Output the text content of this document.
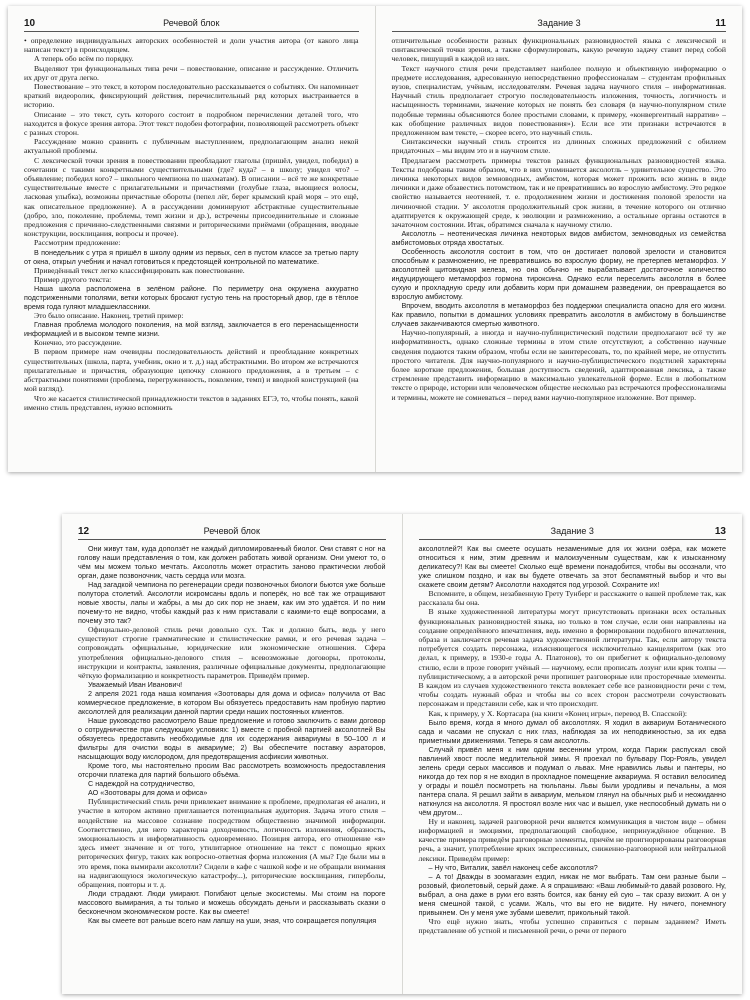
10	Речевой блок

• определение индивидуальных авторских особенностей и доли участия автора (от какого лица написан текст) в происходящем.

А теперь обо всём по порядку.

Выделяют три функциональных типа речи – повествование, описание и рассуждение. Отличить их друг от друга легко.

Повествование – это текст, в котором последовательно рассказывается о событиях. Он напоминает краткий видеоролик, фиксирующий действия, перечислительный ряд которых выстраивается в историю.

Описание – это текст, суть которого состоит в подробном перечислении деталей того, что находится в фокусе зрения автора. Этот текст подобен фотографии, позволяющей рассмотреть объект с разных сторон.

Рассуждение можно сравнить с публичным выступлением, предполагающим анализ некой актуальной проблемы.

С лексической точки зрения в повествовании преобладают глаголы (пришёл, увидел, победил) в сочетании с такими конкретными существительными (где? куда? – в школу; увидел что? – объявление; победил кого? – школьного чемпиона по шахматам). В описании – всё те же конкретные существительные вместе с прилагательными и причастиями (голубые глаза, вьющиеся волосы, ласковая улыбка), возможны причастные обороты (пепел лёг, берег крымский край моря – это ещё, как описательное предложение). А в рассуждении доминируют абстрактные существительные (добро, зло, поколение, проблемы, темп жизни и др.), встречены присоединительные и сложные предложения с причинно-следственными связями и риторическими приёмами (обращения, вводные конструкции, восклицания, вопросы и прочее).

Рассмотрим предложение:

В понедельник с утра я пришёл в школу одним из первых, сел в пустом классе за третью парту от окна, открыл учебник и начал готовиться к предстоящей контрольной по математике.

Приведённый текст легко классифицировать как повествование.

Пример другого текста:

Наша школа расположена в зелёном районе. По периметру она окружена аккуратно подстриженными тополями, ветки которых бросают густую тень на просторный двор, где в тёплое время года гуляют младшеклассники.

Это было описание. Наконец, третий пример:

Главная проблема молодого поколения, на мой взгляд, заключается в его перенасыщенности информацией и в высоком темпе жизни.

Конечно, это рассуждение.

В первом примере нам очевидны последовательность действий и преобладание конкретных существительных (школа, парта, учебник, окно и т. д.) над абстрактными. Во втором же встречаются прилагательные и причастия, образующие цепочку сложного предложения, а в третьем – с абстрактными понятиями (проблема, перегруженность, поколение, темп) и вводной конструкцией (на мой взгляд).

Что же касается стилистической принадлежности текстов в заданиях ЕГЭ, то, чтобы понять, какой именно стиль представлен, нужно вспомнить

Задание 3	11

отличительные особенности разных функциональных разновидностей языка с лексической и синтаксической точки зрения, а также сформулировать, какую речевую задачу ставит перед собой человек, пишущий в каждой из них.

Текст научного стиля речи представляет наиболее полную и объективную информацию о предмете исследования, адресованную непосредственно профессионалам – студентам профильных вузов, специалистам, учёным, исследователям. Речевая задача научного стиля – информативная. Научный стиль предполагает строгую последовательность изложения, точность, логичность и насыщенность терминами, значение которых не понять без словаря (в научно-популярном стиле подобные термины объясняются более простыми словами, к примеру, «конвергентный нарратив» – как обобщение различных видов повествования»). Если все эти признаки встречаются в предложенном вам тексте, – скорее всего, это научный стиль.

Синтаксически научный стиль строится из длинных сложных предложений с обилием придаточных – мы видим это и в научном стиле.

Предлагаем рассмотреть примеры текстов разных функциональных разновидностей языка. Тексты подобраны таким образом, что в них упоминается аксолотль – удивительное существо. Это личинка некоторых видов земноводных, амбистом, которая может прожить всю жизнь в виде личинки и даже обзавестись потомством, так и не превратившись во взрослую амбистому. Это редкое свойство называется неотенией, т. е. продолжением жизни и достижения половой зрелости на личиночной стадии. У аксолотля продолжительный срок жизни, в течение которого он отлично адаптируется к окружающей среде, к эволюции и размножению, а остальные органы остаются в зачаточном состоянии. Итак, обратимся сначала к научному стилю.

Аксолотль – неотеническая личинка некоторых видов амбистом, земноводных из семейства амбистомовых отряда хвостатых.

Особенность аксолотля состоит в том, что он достигает половой зрелости и становится способным к размножению, не превратившись во взрослую форму, не претерпев метаморфоз. У аксолотлей щитовидная железа, но она обычно не вырабатывает достаточное количество индуцирующего метаморфоз гормона тироксина. Однако если переселить аксолотля в более сухую и прохладную среду или добавить корм при домашнем разведении, он превращается во взрослую амбистому.

Впрочем, вводить аксолотля в метаморфоз без поддержки специалиста опасно для его жизни. Как правило, попытки в домашних условиях превратить аксолотля в амбистому в большинстве случаев заканчиваются смертью животного.

Научно-популярный, а иногда и научно-публицистический подстили предполагают всё ту же информативность, однако сложные термины в этом стиле отсутствуют, а собственно научные сведения подаются таким образом, чтобы если не заинтересовать, то, по крайней мере, не отпустить простого читателя. Для научно-популярного и научно-публицистического подстилей характерны более короткие предложения, большая доступность сведений, адаптированная лексика, а также стремление представить информацию в максимально увлекательной форме. Если в любопытном тексте о природе, истории или человеческом обществе несколько раз встречаются профессионализмы и термины, можете не сомневаться – перед вами научно-популярное изложение. Вот пример.

12	Речевой блок

Они живут там, куда доползёт не каждый дипломированный биолог. Они ставят с ног на голову наши представления о том, как должен работать живой организм. Они умеют то, о чём мы можем только мечтать. Аксолотль может отрастить заново практически любой орган, даже позвоночник, часть сердца или мозга.

Над загадкой чемпиона по регенерации среди позвоночных биологи бьются уже больше полутора столетий. Аксолотли искромсаны вдоль и поперёк, но всё так же отращивают новые хвосты, лапы и жабры, а мы до сих пор не знаем, как им это удаётся. И по ним почему-то не видно, чтобы каждый раз к ним приставали с какими-то ещё вопросами, а почему это так?

Официально-деловой стиль речи довольно сух. Так и должно быть, ведь у него существуют строгие грамматические и стилистические рамки, и его речевая задача – сопровождать официальные, юридические или экономические отношения. Сфера употребления официально-делового стиля – всевозможные договоры, протоколы, инструкции и контракты, заявления, различные официальные документы, предполагающие чёткую формализацию и конкретность параметров. Приведём пример.

Уважаемый Иван Иванович!

2 апреля 2021 года наша компания «Зоотовары для дома и офиса» получила от Вас коммерческое предложение, в котором Вы обязуетесь предоставить нам пробную партию аксолотлей для реализации данной партии среди наших постоянных клиентов.

Наше руководство рассмотрело Ваше предложение и готово заключить с вами договор о сотрудничестве при следующих условиях: 1) вместе с пробной партией аксолотлей Вы обязуетесь предоставить необходимые для их содержания аквариумы в 50–100 л и фильтры для очистки воды в аквариуме; 2) Вы обеспечите поставку аэраторов, насыщающих воду кислородом, для предотвращения асфиксии животных.

Кроме того, мы настоятельно просим Вас рассмотреть возможность предоставления отсрочки платежа для партий большого объёма.

С надеждой на сотрудничество,

АО «Зоотовары для дома и офиса»

Публицистический стиль речи привлекает внимание к проблеме, предполагая её анализ, и участие в котором активно приглашается потенциальная аудитория. Задача этого стиля – воздействие на массовое сознание посредством общественно значимой информации. Соответственно, для него характерна доходчивость, логичность изложения, образность, эмоциональность и информативность одновременно. Позиция автора, его отношение «я» здесь имеет значение и от того, утилитарное отношение на текст с помощью ярких риторических фигур, таких как вопросно-ответная форма изложения (А мы? Где были мы в это время, пока вымирали аксолотли? Сидели в кафе с чашкой кофе и не обращали внимания на надвигающуюся экологическую катастрофу...), риторические восклицания, гиперболы, обращения, повторы и т. д.

Люди страдают. Люди умирают. Погибают целые экосистемы. Мы стоим на пороге массового вымирания, а ты только и можешь обсуждать деньги и рассказывать сказки о бесконечном экономическом росте. Как вы смеете!

Как вы смеете вот раньше всего нам лапшу на уши, зная, что сокращается популяция

Задание 3	13

аксолотлей?! Как вы смеете осушать незаменимые для их жизни озёра, как можете относиться к ним, этим древним и малоизученным существам, как к изысканному деликатесу?! Как вы смеете! Сколько ещё времени понадобится, чтобы вы осознали, что уже слишком поздно, и как вы будете отвечать за этот беспамятный выбор и что вы скажете своим детям? Аксолотли находятся под угрозой. Сохраните их!

Вспомните, в общем, незабвенную Грету Тунберг и расскажите о вашей проблеме так, как рассказала бы она.

В языке художественной литературы могут присутствовать признаки всех остальных функциональных разновидностей языка, но только в том случае, если они направлены на создание определённого впечатления, ведь именно в формировании подобного впечатления, образа и заключается речевая задача художественной литературы. Так, если автору текста потребуется создать персонажа, изъясняющегося исключительно канцеляритом (как это делал, к примеру, в 1930-е годы А. Платонов), то он прибегнет к официально-деловому стилю, если в прозе говорит учёный — научному, если прописать лозунг или крик толпы — публицистическому, а в авторской речи пропишет разговорные или просторечные элементы. В каждом из случаев художественного текста вовлекает себе все разновидности речи с тем, чтобы создать нужный образ и чтобы вы со всех сторон рассмотрели сочувствовать персонажам и представили себе, как и что происходит.

Как, к примеру, у Х. Кортасара (на книги «Конец игры», перевод В. Спасской):

Было время, когда я много думал об аксолотлях. Я ходил в аквариум Ботанического сада и часами не спускал с них глаз, наблюдая за их неподвижностью, за их едва приметными движениями. Теперь я сам аксолотль.

Случай привёл меня к ним одним весенним утром, когда Париж распускал свой павлиний хвост после медлительной зимы. Я проехал по бульвару Пор-Рояль, увидел зелень среди серых массивов и подумал о львах. Мне нравились львы и пантеры, но никогда до тех пор я не входил в прохладное помещение аквариума. Я оставил велосипед у ограды и пошёл посмотреть на тюльпаны. Львы были уродливы и печальны, а моя пантера спала. Я решил зайти в аквариум, мельком глянул на обычных рыб и неожиданно наткнулся на аксолотля. Я простоял возле них час и вышел, уже неспособный думать ни о чём другом...

Ну и наконец, задачей разговорной речи является коммуникация в чистом виде – обмен информацией и эмоциями, предполагающий свободное, непринуждённое общение. В качестве примера приведём разговорные элементы, причём не проигнорированы разговорная речь, а значит, употребление ярких экспрессивных, сниженно-разговорной или нейтральной лексики. Приведём пример:

– Ну что, Виталик, завёл наконец себе аксолотля?

– А то! Дважды в зоомагазин ездил, никак не мог выбрать. Там они разные были – розовый, фиолетовый, серый даже. А я спрашиваю: «Ваш любимый-то давай розового. Ну, выбрал, а она даже в руки его взять боится, как банку ей сую – так сразу визжит. А он у меня смешной такой, с усами. Жаль, что вы его не видите. Ну ничего, понемногу привыкнем. Он у меня уже зубами шевелит, прикольный такой.

Что ещё нужно знать, чтобы успешно справиться с первым заданием? Иметь представление об устной и письменной речи, о речи от первого
